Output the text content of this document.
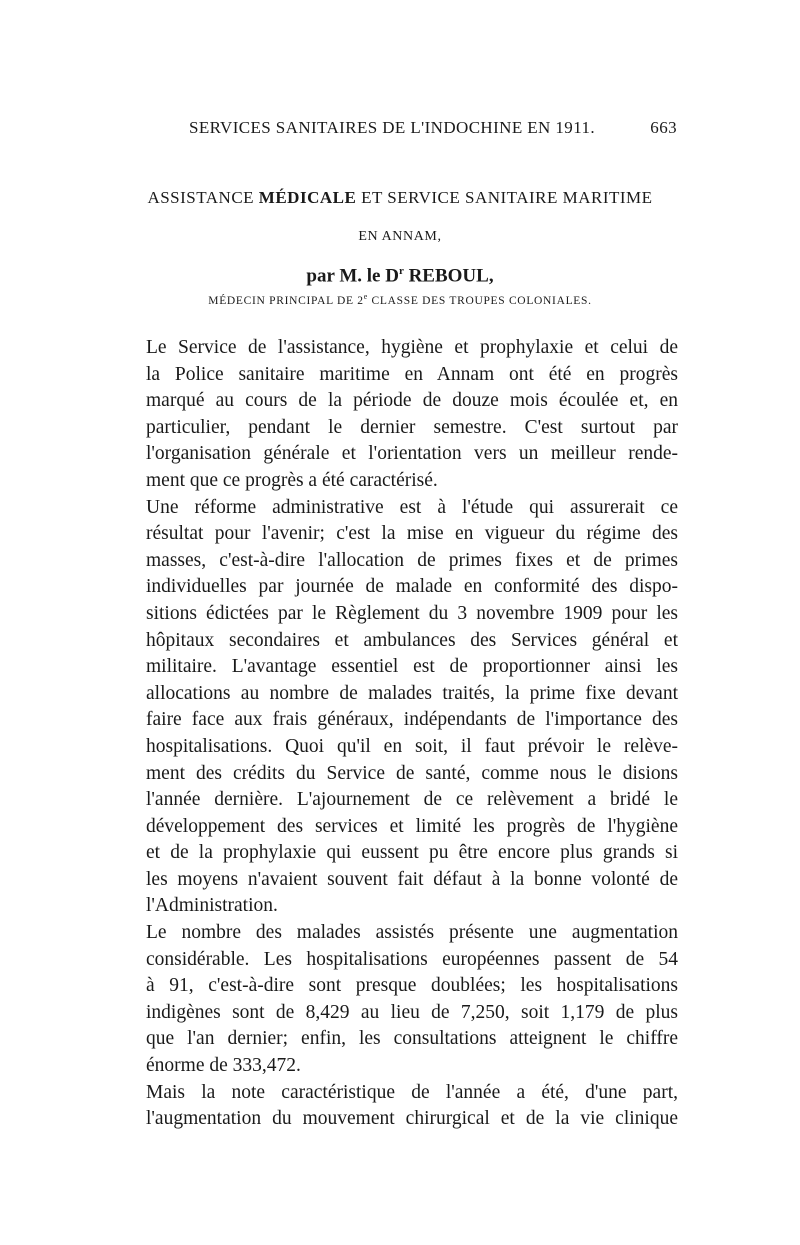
SERVICES SANITAIRES DE L'INDOCHINE EN 1911.	663
ASSISTANCE MÉDICALE ET SERVICE SANITAIRE MARITIME
EN ANNAM,
par M. le $D^r$ REBOUL,
MÉDECIN PRINCIPAL DE 2e CLASSE DES TROUPES COLONIALES.
Le Service de l'assistance, hygiène et prophylaxie et celui de
la Police sanitaire maritime en Annam ont été en progrès
marqué au cours de la période de douze mois écoulée et, en
particulier, pendant le dernier semestre. C'est surtout par
l'organisation générale et l'orientation vers un meilleur rende-
ment que ce progrès a été caractérisé.
Une réforme administrative est à l'étude qui assurerait ce
résultat pour l'avenir; c'est la mise en vigueur du régime des
masses, c'est-à-dire l'allocation de primes fixes et de primes
individuelles par journée de malade en conformité des dispo-
sitions édictées par le Règlement du 3 novembre 1909 pour les
hôpitaux secondaires et ambulances des Services général et
militaire. L'avantage essentiel est de proportionner ainsi les
allocations au nombre de malades traités, la prime fixe devant
faire face aux frais généraux, indépendants de l'importance des
hospitalisations. Quoi qu'il en soit, il faut prévoir le relève-
ment des crédits du Service de santé, comme nous le disions
l'année dernière. L'ajournement de ce relèvement a bridé le
développement des services et limité les progrès de l'hygiène
et de la prophylaxie qui eussent pu être encore plus grands si
les moyens n'avaient souvent fait défaut à la bonne volonté de
l'Administration.
Le nombre des malades assistés présente une augmentation
considérable. Les hospitalisations européennes passent de 54
à 91, c'est-à-dire sont presque doublées; les hospitalisations
indigènes sont de 8,429 au lieu de 7,250, soit 1,179 de plus
que l'an dernier; enfin, les consultations atteignent le chiffre
énorme de 333,472.
Mais la note caractéristique de l'année a été, d'une part,
l'augmentation du mouvement chirurgical et de la vie clinique
